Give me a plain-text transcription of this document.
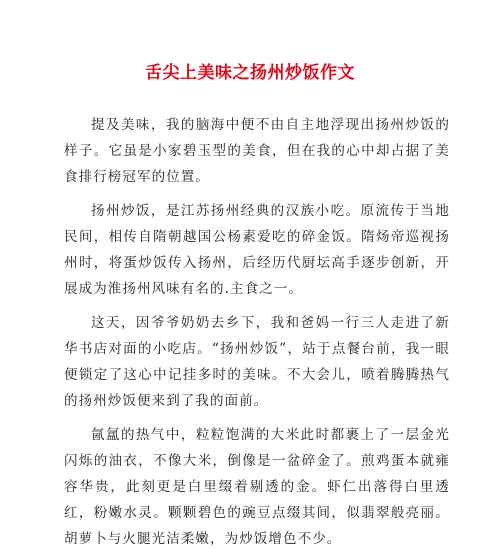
舌尖上美味之扬州炒饭作文

提及美味，我的脑海中便不由自主地浮现出扬州炒饭的样子。它虽是小家碧玉型的美食，但在我的心中却占据了美食排行榜冠军的位置。

扬州炒饭，是江苏扬州经典的汉族小吃。原流传于当地民间，相传自隋朝越国公杨素爱吃的碎金饭。隋炀帝巡视扬州时，将蛋炒饭传入扬州，后经历代厨坛高手逐步创新，开展成为淮扬州风味有名的.主食之一。

这天，因爷爷奶奶去乡下，我和爸妈一行三人走进了新华书店对面的小吃店。“扬州炒饭”，站于点餐台前，我一眼便锁定了这心中记挂多时的美味。不大会儿，喷着腾腾热气的扬州炒饭便来到了我的面前。

氤氲的热气中，粒粒饱满的大米此时都裹上了一层金光闪烁的油衣，不像大米，倒像是一盆碎金了。煎鸡蛋本就雍容华贵，此刻更是白里缀着剔透的金。虾仁出落得白里透红，粉嫩水灵。颗颗碧色的豌豆点缀其间，似翡翠般亮丽。胡萝卜与火腿光洁柔嫩，为炒饭增色不少。
